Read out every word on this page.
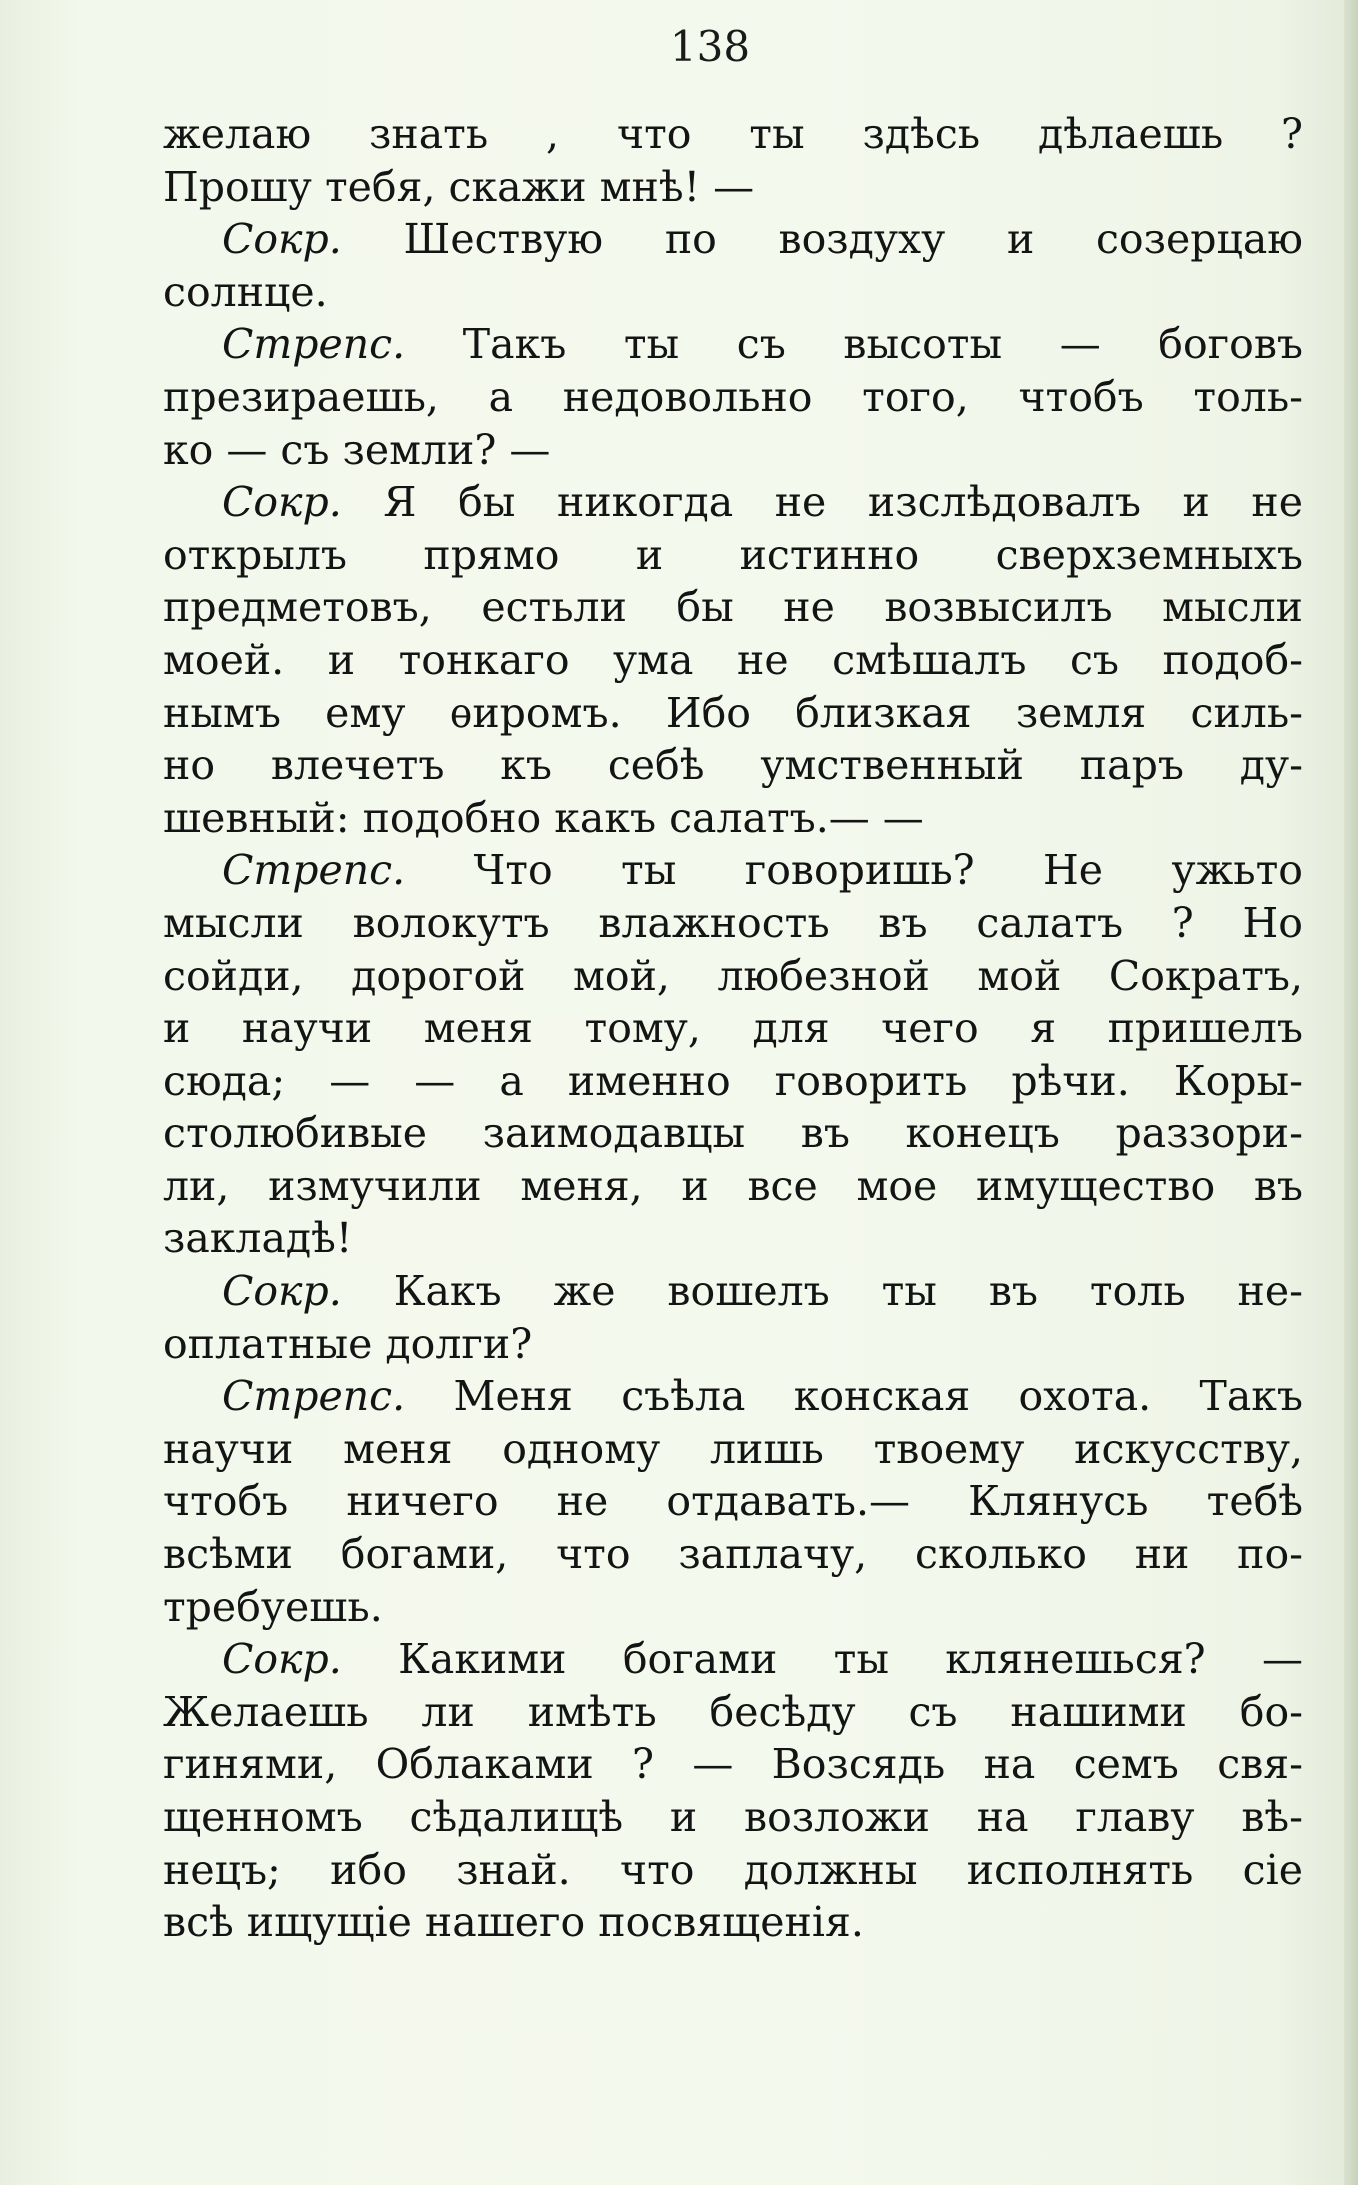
138
желаю знать , что ты здѣсь дѣлаешь ?
Прошу тебя, скажи мнѣ! —
Сокр. Шествую по воздуху и созерцаю
солнце.
Стрепс. Такъ ты съ высоты — боговъ
презираешь, а недовольно того, чтобъ толь-
ко — съ земли? —
Сокр. Я бы никогда не изслѣдовалъ и не
открылъ прямо и истинно сверхземныхъ
предметовъ, естьли бы не возвысилъ мысли
моей. и тонкаго ума не смѣшалъ съ подоб-
нымъ ему ѳиромъ. Ибо близкая земля силь-
но влечетъ къ себѣ умственный паръ ду-
шевный: подобно какъ салатъ.— —
Стрепс. Что ты говоришь? Не ужьто
мысли волокутъ влажность въ салатъ ? Но
сойди, дорогой мой, любезной мой Сократъ,
и научи меня тому, для чего я пришелъ
сюда; — — а именно говорить рѣчи. Коры-
столюбивые заимодавцы въ конецъ раззори-
ли, измучили меня, и все мое имущество въ
закладѣ!
Сокр. Какъ же вошелъ ты въ толь не-
оплатные долги?
Стрепс. Меня съѣла конская охота. Такъ
научи меня одному лишь твоему искусству,
чтобъ ничего не отдавать.— Клянусь тебѣ
всѣми богами, что заплачу, сколько ни по-
требуешь.
Сокр. Какими богами ты клянешься? —
Желаешь ли имѣть бесѣду съ нашими бо-
гинями, Облаками ? — Возсядь на семъ свя-
щенномъ сѣдалищѣ и возложи на главу вѣ-
нецъ; ибо знай. что должны исполнять сіе
всѣ ищущіе нашего посвященія.
